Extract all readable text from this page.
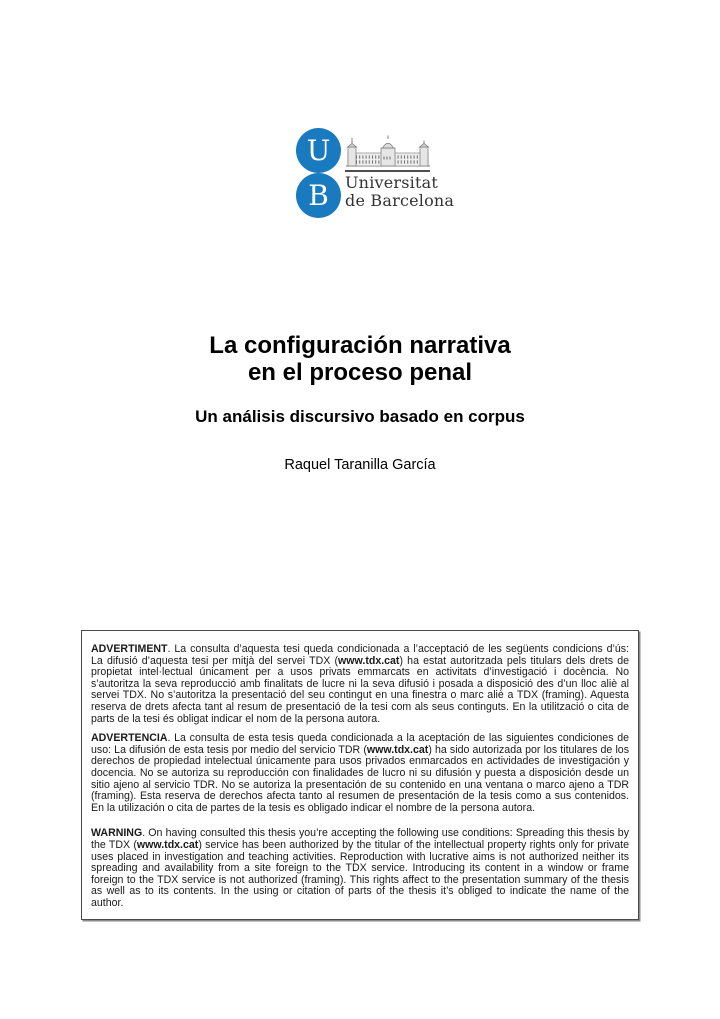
U
B Universitat
de Barcelona
La configuración narrativa
en el proceso penal
Un análisis discursivo basado en corpus
Raquel Taranilla García

ADVERTIMENT. La consulta d’aquesta tesi queda condicionada a l’acceptació de les següents condicions d’ús: La difusió d’aquesta tesi per mitjà del servei TDX (www.tdx.cat) ha estat autoritzada pels titulars dels drets de propietat intel·lectual únicament per a usos privats emmarcats en activitats d’investigació i docència. No s’autoritza la seva reproducció amb finalitats de lucre ni la seva difusió i posada a disposició des d’un lloc aliè al servei TDX. No s’autoritza la presentació del seu contingut en una finestra o marc aliè a TDX (framing). Aquesta reserva de drets afecta tant al resum de presentació de la tesi com als seus continguts. En la utilització o cita de parts de la tesi és obligat indicar el nom de la persona autora.

ADVERTENCIA. La consulta de esta tesis queda condicionada a la aceptación de las siguientes condiciones de uso: La difusión de esta tesis por medio del servicio TDR (www.tdx.cat) ha sido autorizada por los titulares de los derechos de propiedad intelectual únicamente para usos privados enmarcados en actividades de investigación y docencia. No se autoriza su reproducción con finalidades de lucro ni su difusión y puesta a disposición desde un sitio ajeno al servicio TDR. No se autoriza la presentación de su contenido en una ventana o marco ajeno a TDR (framing). Esta reserva de derechos afecta tanto al resumen de presentación de la tesis como a sus contenidos. En la utilización o cita de partes de la tesis es obligado indicar el nombre de la persona autora.

WARNING. On having consulted this thesis you’re accepting the following use conditions: Spreading this thesis by the TDX (www.tdx.cat) service has been authorized by the titular of the intellectual property rights only for private uses placed in investigation and teaching activities. Reproduction with lucrative aims is not authorized neither its spreading and availability from a site foreign to the TDX service. Introducing its content in a window or frame foreign to the TDX service is not authorized (framing). This rights affect to the presentation summary of the thesis as well as to its contents. In the using or citation of parts of the thesis it’s obliged to indicate the name of the author.
